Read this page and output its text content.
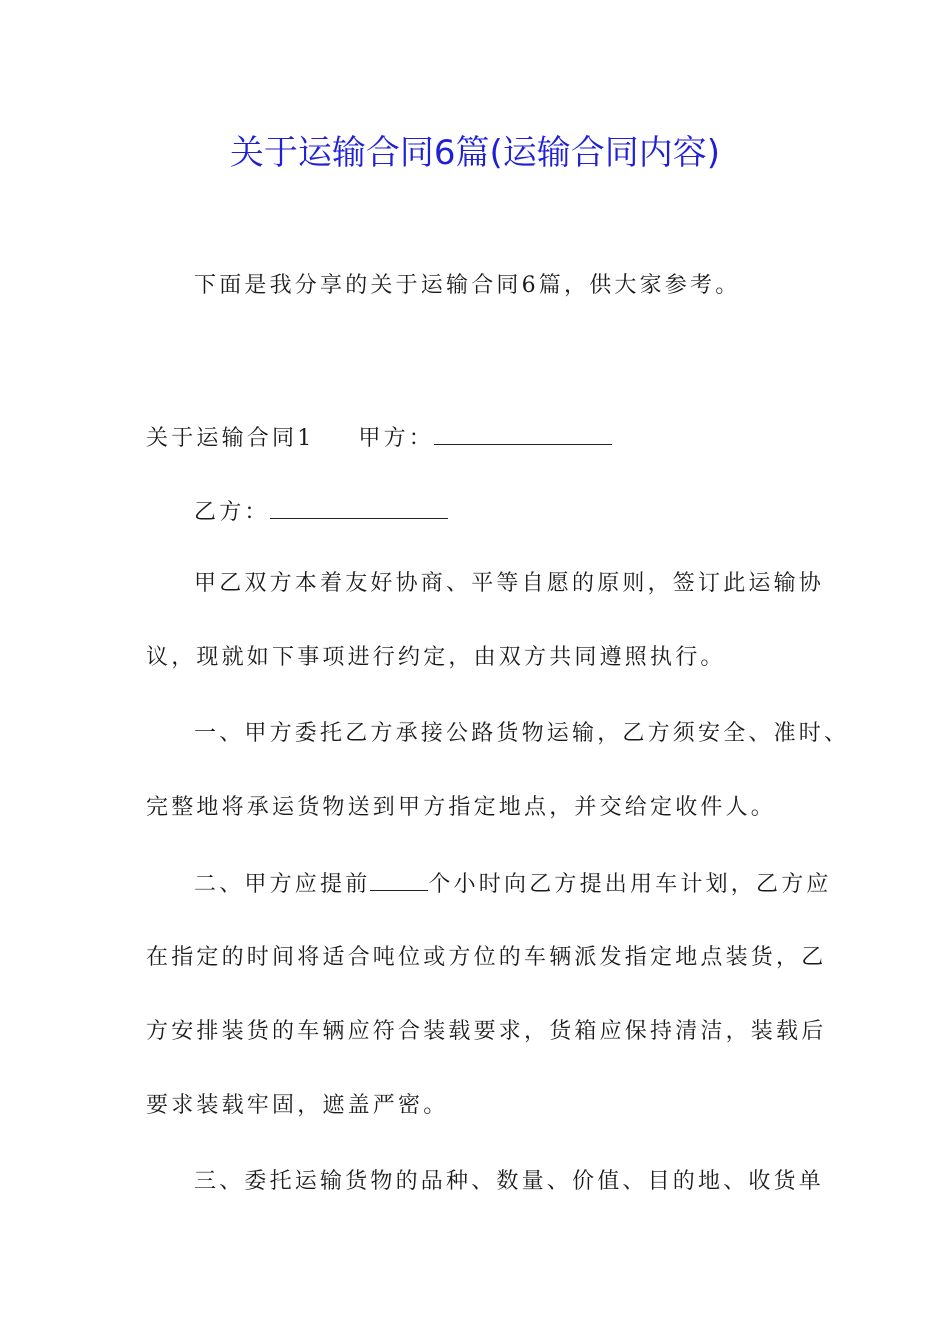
关于运输合同6篇(运输合同内容)
下面是我分享的关于运输合同6篇，供大家参考。
关于运输合同1 甲方：
乙方：
甲乙双方本着友好协商、平等自愿的原则，签订此运输协
议，现就如下事项进行约定，由双方共同遵照执行。
一、甲方委托乙方承接公路货物运输，乙方须安全、准时、
完整地将承运货物送到甲方指定地点，并交给定收件人。
二、甲方应提前	个小时向乙方提出用车计划，乙方应
在指定的时间将适合吨位或方位的车辆派发指定地点装货，乙
方安排装货的车辆应符合装载要求，货箱应保持清洁，装载后
要求装载牢固，遮盖严密。
三、委托运输货物的品种、数量、价值、目的地、收货单
